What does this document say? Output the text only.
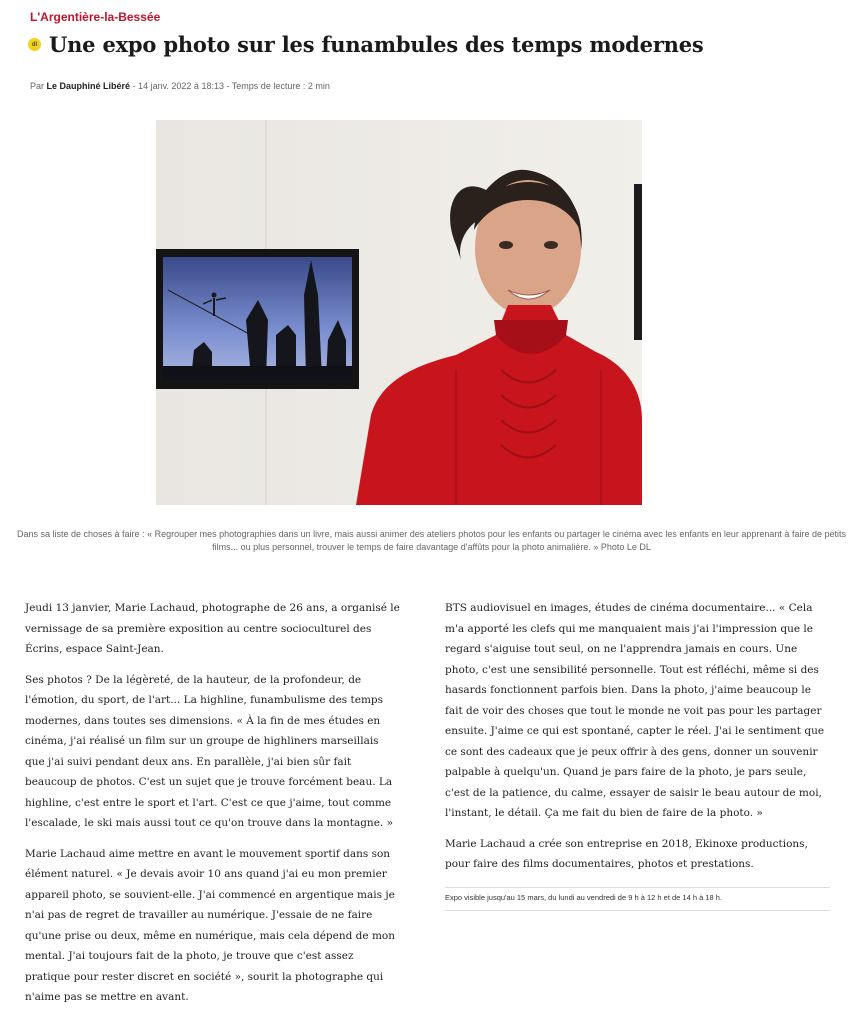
L'Argentière-la-Bessée
dl Une expo photo sur les funambules des temps modernes
Par Le Dauphiné Libéré - 14 janv. 2022 à 18:13 - Temps de lecture : 2 min
Dans sa liste de choses à faire : « Regrouper mes photographies dans un livre, mais aussi animer des ateliers photos pour les enfants ou partager le cinéma avec les enfants en leur apprenant à faire de petits films... ou plus personnel, trouver le temps de faire davantage d'affûts pour la photo animalière. » Photo Le DL

Jeudi 13 janvier, Marie Lachaud, photographe de 26 ans, a organisé le vernissage de sa première exposition au centre socioculturel des Écrins, espace Saint-Jean.

Ses photos ? De la légèreté, de la hauteur, de la profondeur, de l'émotion, du sport, de l'art... La highline, funambulisme des temps modernes, dans toutes ses dimensions. « À la fin de mes études en cinéma, j'ai réalisé un film sur un groupe de highliners marseillais que j'ai suivi pendant deux ans. En parallèle, j'ai bien sûr fait beaucoup de photos. C'est un sujet que je trouve forcément beau. La highline, c'est entre le sport et l'art. C'est ce que j'aime, tout comme l'escalade, le ski mais aussi tout ce qu'on trouve dans la montagne. »

Marie Lachaud aime mettre en avant le mouvement sportif dans son élément naturel. « Je devais avoir 10 ans quand j'ai eu mon premier appareil photo, se souvient-elle. J'ai commencé en argentique mais je n'ai pas de regret de travailler au numérique. J'essaie de ne faire qu'une prise ou deux, même en numérique, mais cela dépend de mon mental. J'ai toujours fait de la photo, je trouve que c'est assez pratique pour rester discret en société », sourit la photographe qui n'aime pas se mettre en avant.

BTS audiovisuel en images, études de cinéma documentaire... « Cela m'a apporté les clefs qui me manquaient mais j'ai l'impression que le regard s'aiguise tout seul, on ne l'apprendra jamais en cours. Une photo, c'est une sensibilité personnelle. Tout est réfléchi, même si des hasards fonctionnent parfois bien. Dans la photo, j'aime beaucoup le fait de voir des choses que tout le monde ne voit pas pour les partager ensuite. J'aime ce qui est spontané, capter le réel. J'ai le sentiment que ce sont des cadeaux que je peux offrir à des gens, donner un souvenir palpable à quelqu'un. Quand je pars faire de la photo, je pars seule, c'est de la patience, du calme, essayer de saisir le beau autour de moi, l'instant, le détail. Ça me fait du bien de faire de la photo. »

Marie Lachaud a crée son entreprise en 2018, Ekinoxe productions, pour faire des films documentaires, photos et prestations.

Expo visible jusqu'au 15 mars, du lundi au vendredi de 9 h à 12 h et de 14 h à 18 h.
